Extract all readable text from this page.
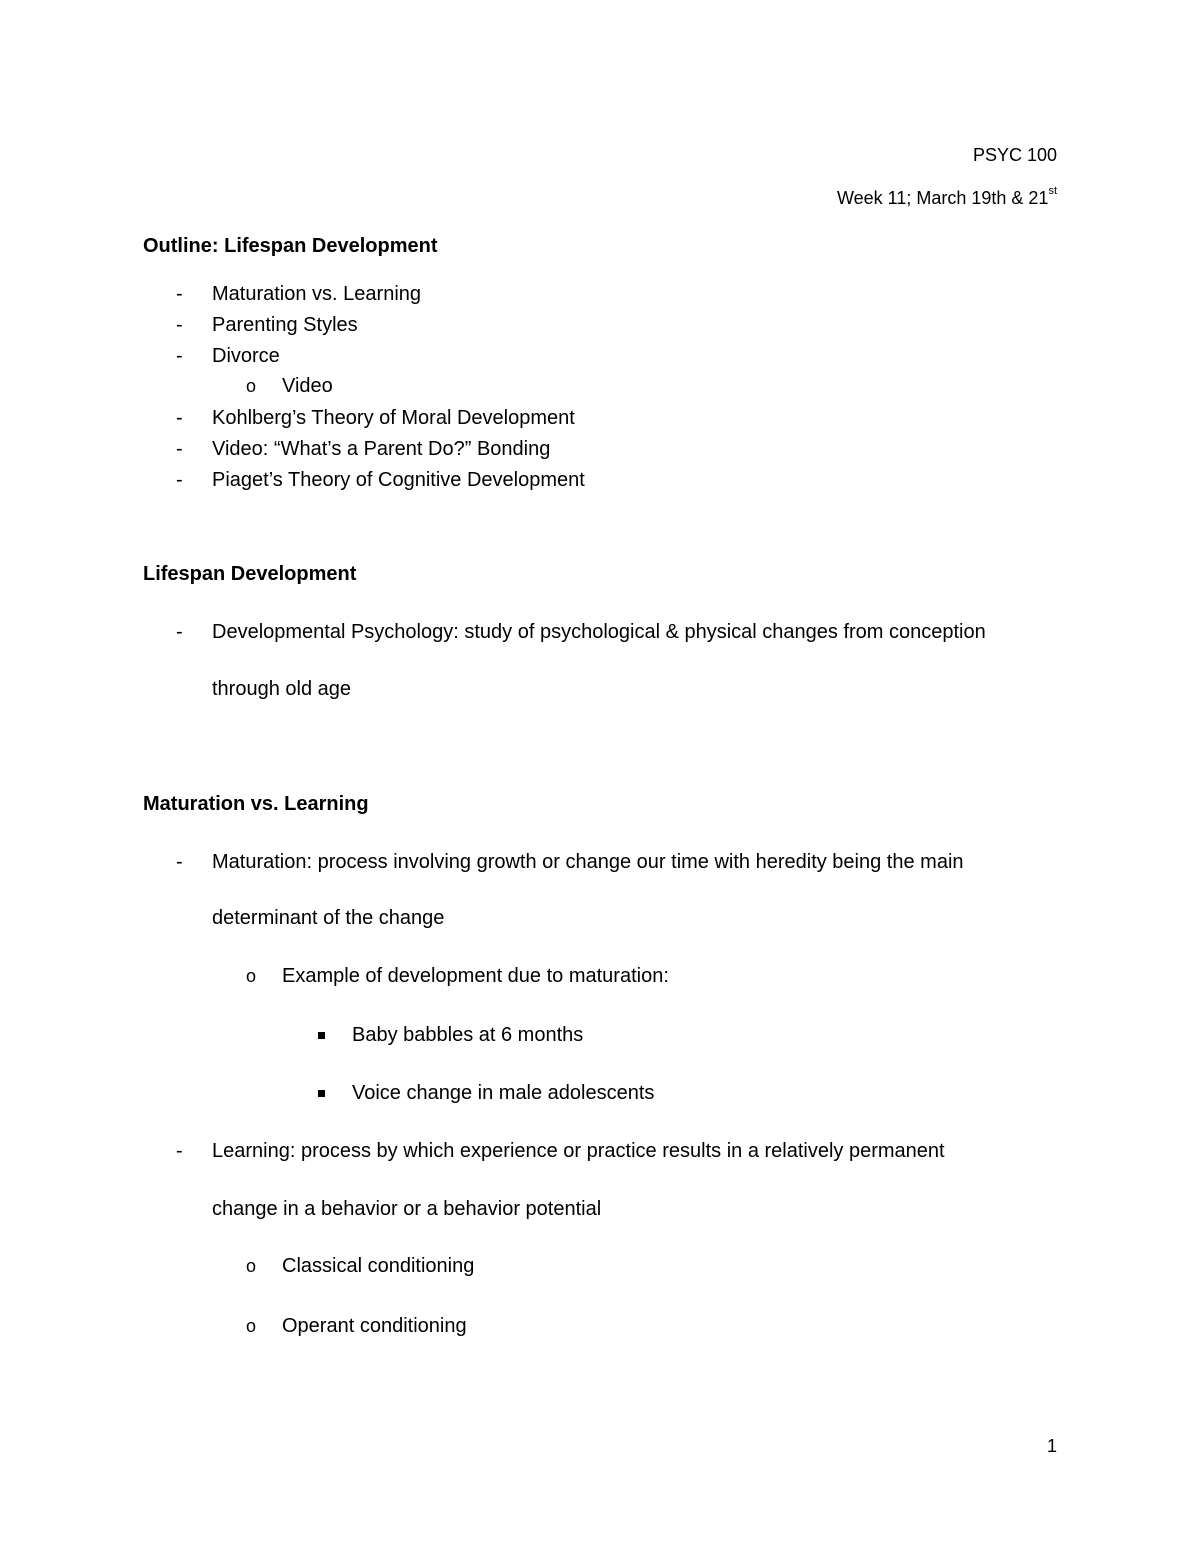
PSYC 100
Week 11; March 19th & 21st
Outline: Lifespan Development
- Maturation vs. Learning
- Parenting Styles
- Divorce
o Video
- Kohlberg’s Theory of Moral Development
- Video: “What’s a Parent Do?” Bonding
- Piaget’s Theory of Cognitive Development
Lifespan Development
- Developmental Psychology: study of psychological & physical changes from conception
through old age
Maturation vs. Learning
- Maturation: process involving growth or change our time with heredity being the main
determinant of the change
o Example of development due to maturation:
Baby babbles at 6 months
Voice change in male adolescents
- Learning: process by which experience or practice results in a relatively permanent
change in a behavior or a behavior potential
o Classical conditioning
o Operant conditioning
1
